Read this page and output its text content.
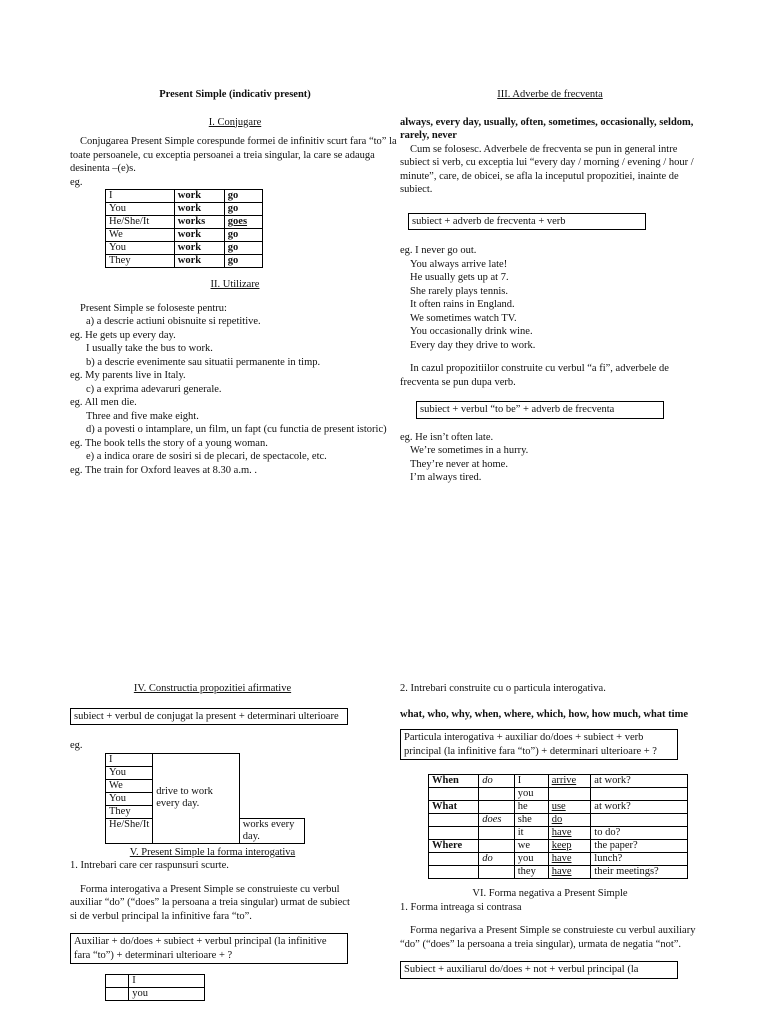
Present Simple (indicativ present)

I. Conjugare

Conjugarea Present Simple corespunde formei de infinitiv scurt fara “to” la toate persoanele, cu exceptia persoanei a treia singular, la care se adauga desinenta –(e)s.

eg.

I	work	go
You	work	go
He/She/It	works	goes
We	work	go
You	work	go
They	work	go

II. Utilizare

Present Simple se foloseste pentru:

a) a descrie actiuni obisnuite si repetitive.

eg. He gets up every day.

I usually take the bus to work.

b) a descrie evenimente sau situatii permanente in timp.

eg. My parents live in Italy.

c) a exprima adevaruri generale.

eg. All men die.

Three and five make eight.

d) a povesti o intamplare, un film, un fapt (cu functia de present istoric)

eg. The book tells the story of a young woman.

e) a indica orare de sosiri si de plecari, de spectacole, etc.

eg. The train for Oxford leaves at 8.30 a.m. .

III. Adverbe de frecventa

always, every day, usually, often, sometimes, occasionally, seldom, rarely, never

Cum se folosesc. Adverbele de frecventa se pun in general intre subiect si verb, cu exceptia lui “every day / morning / evening / hour / minute”, care, de obicei, se afla la inceputul propozitiei, inainte de subiect.

subiect + adverb de frecventa + verb

eg. I never go out.

You always arrive late!

He usually gets up at 7.

She rarely plays tennis.

It often rains in England.

We sometimes watch TV.

You occasionally drink wine.

Every day they drive to work.

In cazul propozitiilor construite cu verbul “a fi”, adverbele de frecventa se pun dupa verb.

subiect + verbul “to be” + adverb de frecventa

eg. He isn’t often late.

We’re sometimes in a hurry.

They’re never at home.

I’m always tired.

IV. Constructia propozitiei afirmative

subiect + verbul de conjugat la present + determinari ulterioare

eg.

I	drive to work every day.	
You		
We		
You		
They		
He/She/It		works every day.

V. Present Simple la forma interogativa

1. Intrebari care cer raspunsuri scurte.

Forma interogativa a Present Simple se construieste cu verbul auxiliar “do” (“does” la persoana a treia singular) urmat de subiect si de verbul principal la infinitive fara “to”.

Auxiliar + do/does + subiect + verbul principal (la infinitive fara “to”) + determinari ulterioare + ?
	I
	you

2. Intrebari construite cu o particula interogativa.

what, who, why, when, where, which, how, how much, what time

Particula interogativa + auxiliar do/does + subiect + verb principal (la infinitive fara “to”) + determinari ulterioare + ?
When	do	I	arrive	at work?
		you		
What		he	use	at work?
	does	she	do	
		it	have	to do?
Where		we	keep	the paper?
	do	you	have	lunch?
		they	have	their meetings?

VI. Forma negativa a Present Simple

1. Forma intreaga si contrasa

Forma negariva a Present Simple se construieste cu verbul auxiliary “do” (“does” la persoana a treia singular), urmata de negatia “not”.

Subiect + auxiliarul do/does + not + verbul principal (la
